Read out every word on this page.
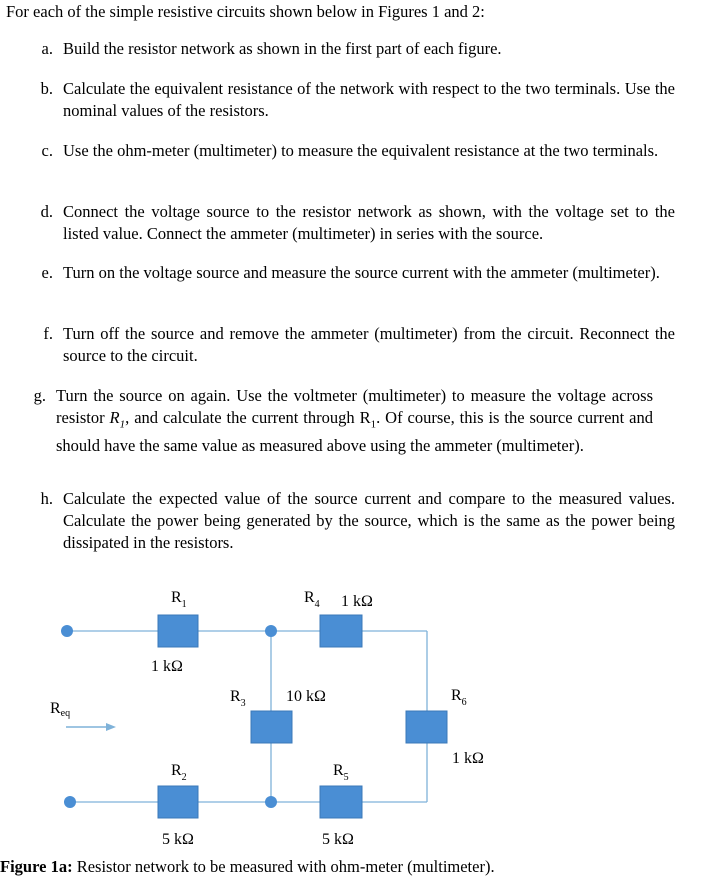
For each of the simple resistive circuits shown below in Figures 1 and 2:
a. Build the resistor network as shown in the first part of each figure.
b. Calculate the equivalent resistance of the network with respect to the two terminals. Use the nominal values of the resistors.
c. Use the ohm-meter (multimeter) to measure the equivalent resistance at the two terminals.
d. Connect the voltage source to the resistor network as shown, with the voltage set to the listed value. Connect the ammeter (multimeter) in series with the source.
e. Turn on the voltage source and measure the source current with the ammeter (multimeter).
f. Turn off the source and remove the ammeter (multimeter) from the circuit. Reconnect the source to the circuit.
g. Turn the source on again. Use the voltmeter (multimeter) to measure the voltage across resistor $R_1$, and calculate the current through $R_1$. Of course, this is the source current and should have the same value as measured above using the ammeter (multimeter).
h. Calculate the expected value of the source current and compare to the measured values. Calculate the power being generated by the source, which is the same as the power being dissipated in the resistors.
Req
$R_1$
1 kΩ
$R_4$ 1 kΩ
$R_3$	10 kΩ	$R_6$
1 kΩ
$R_2$
5 kΩ
$R_5$
5 kΩ
Figure 1a: Resistor network to be measured with ohm-meter (multimeter).
